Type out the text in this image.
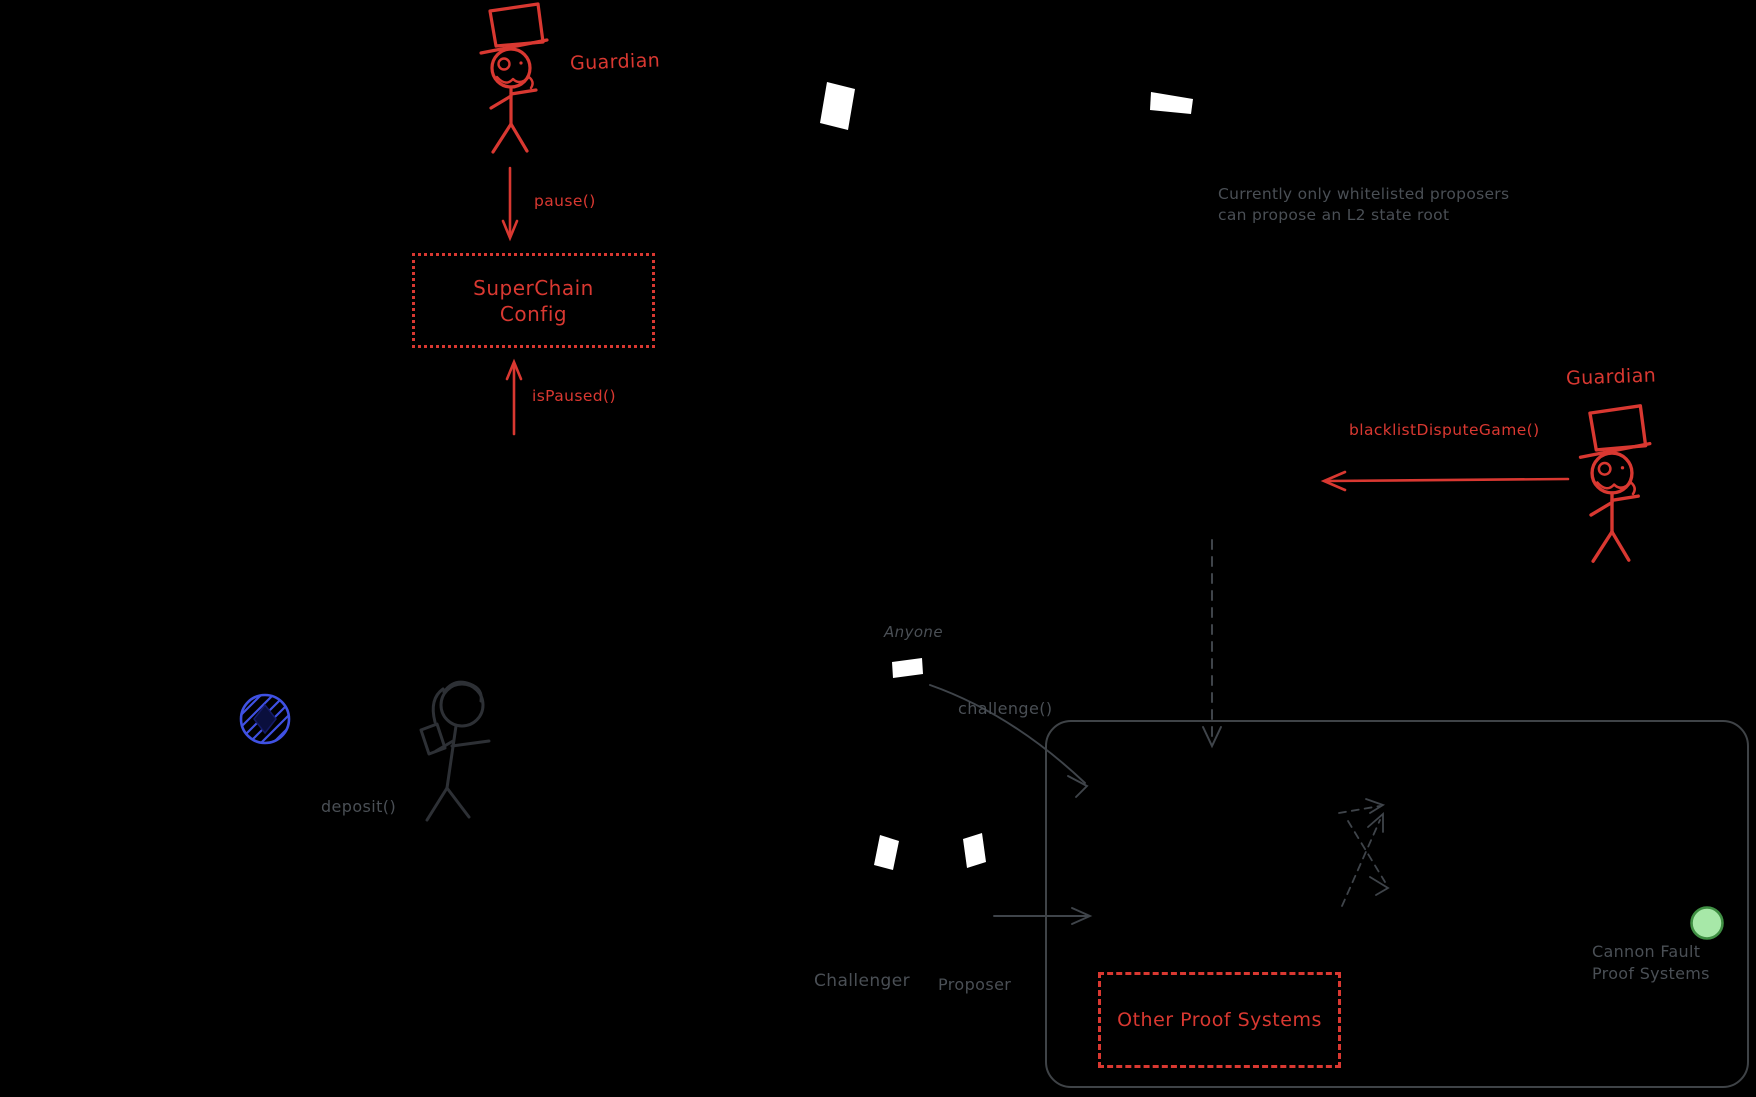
SuperChain
Config
Other Proof Systems
Guardian
pause()
isPaused()
Currently only whitelisted proposers
can propose an L2 state root
Guardian
blacklistDisputeGame()
Anyone
challenge()
deposit()
Challenger Proposer
Cannon Fault
Proof Systems
